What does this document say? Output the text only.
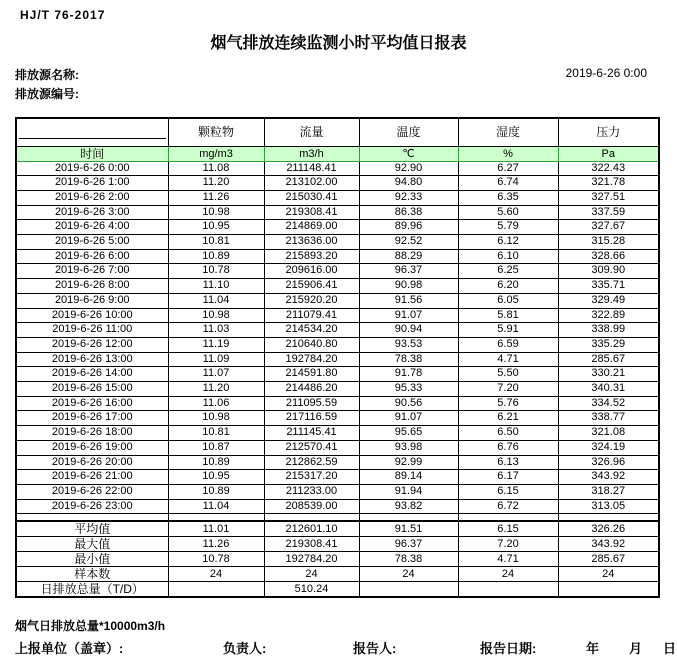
HJ/T 76-2017
烟气排放连续监测小时平均值日报表
排放源名称:
排放源编号:
2019-6-26 0:00
	颗粒物	流量	温度	湿度	压力
时间	mg/m3	m3/h	℃	%	Pa
2019-6-26 0:00	11.08	211148.41	92.90	6.27	322.43
2019-6-26 1:00	11.20	213102.00	94.80	6.74	321.78
2019-6-26 2:00	11.26	215030.41	92.33	6.35	327.51
2019-6-26 3:00	10.98	219308.41	86.38	5.60	337.59
2019-6-26 4:00	10.95	214869.00	89.96	5.79	327.67
2019-6-26 5:00	10.81	213636.00	92.52	6.12	315.28
2019-6-26 6:00	10.89	215893.20	88.29	6.10	328.66
2019-6-26 7:00	10.78	209616.00	96.37	6.25	309.90
2019-6-26 8:00	11.10	215906.41	90.98	6.20	335.71
2019-6-26 9:00	11.04	215920.20	91.56	6.05	329.49
2019-6-26 10:00	10.98	211079.41	91.07	5.81	322.89
2019-6-26 11:00	11.03	214534.20	90.94	5.91	338.99
2019-6-26 12:00	11.19	210640.80	93.53	6.59	335.29
2019-6-26 13:00	11.09	192784.20	78.38	4.71	285.67
2019-6-26 14:00	11.07	214591.80	91.78	5.50	330.21
2019-6-26 15:00	11.20	214486.20	95.33	7.20	340.31
2019-6-26 16:00	11.06	211095.59	90.56	5.76	334.52
2019-6-26 17:00	10.98	217116.59	91.07	6.21	338.77
2019-6-26 18:00	10.81	211145.41	95.65	6.50	321.08
2019-6-26 19:00	10.87	212570.41	93.98	6.76	324.19
2019-6-26 20:00	10.89	212862.59	92.99	6.13	326.96
2019-6-26 21:00	10.95	215317.20	89.14	6.17	343.92
2019-6-26 22:00	10.89	211233.00	91.94	6.15	318.27
2019-6-26 23:00	11.04	208539.00	93.82	6.72	313.05

平均值	11.01	212601.10	91.51	6.15	326.26
最大值	11.26	219308.41	96.37	7.20	343.92
最小值	10.78	192784.20	78.38	4.71	285.67
样本数	24	24	24	24	24
日排放总量（T/D）		510.24			
烟气日排放总量*10000m3/h
上报单位（盖章）:	负责人:	报告人:	报告日期:	年 月 日
